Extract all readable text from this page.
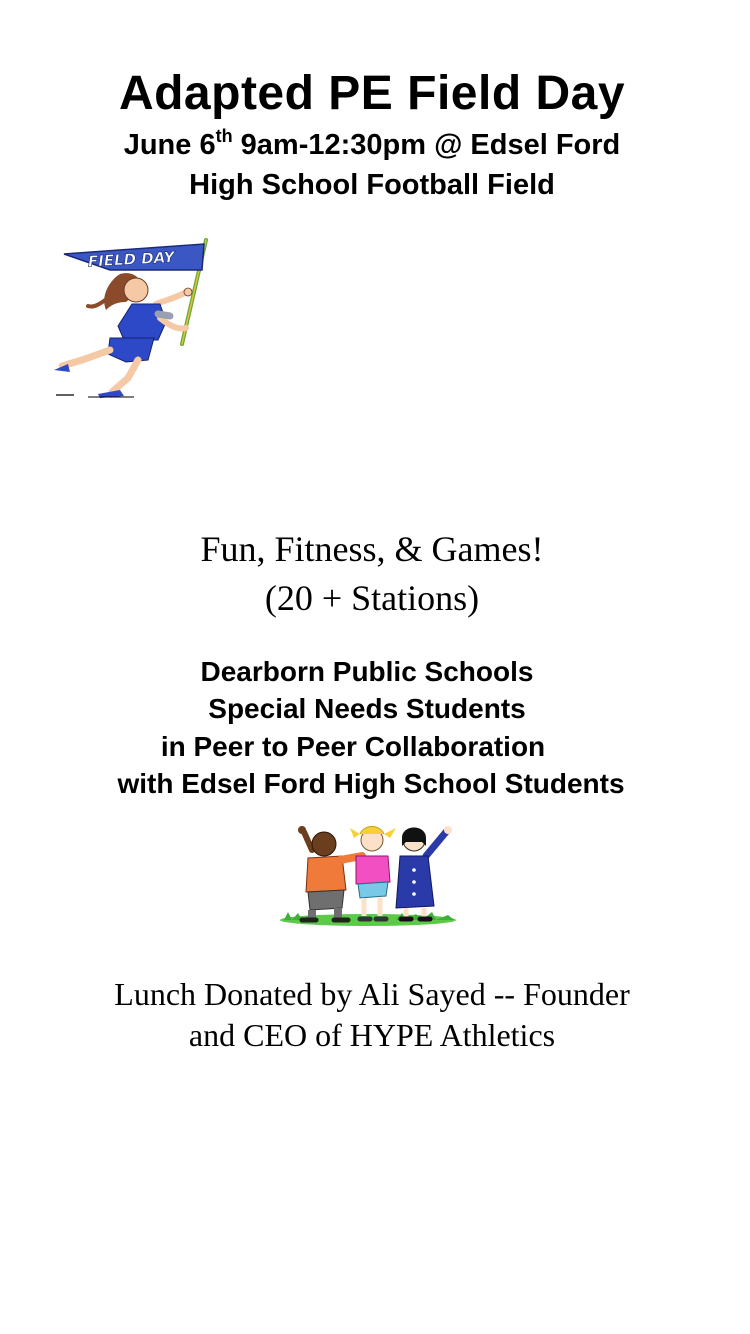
Adapted PE Field Day
June 6th 9am-12:30pm @ Edsel Ford
High School Football Field
FIELD DAY
Fun, Fitness, & Games!
(20 + Stations)
Dearborn Public Schools
Special Needs Students
in Peer to Peer Collaboration
with Edsel Ford High School Students
Lunch Donated by Ali Sayed -- Founder
and CEO of HYPE Athletics
